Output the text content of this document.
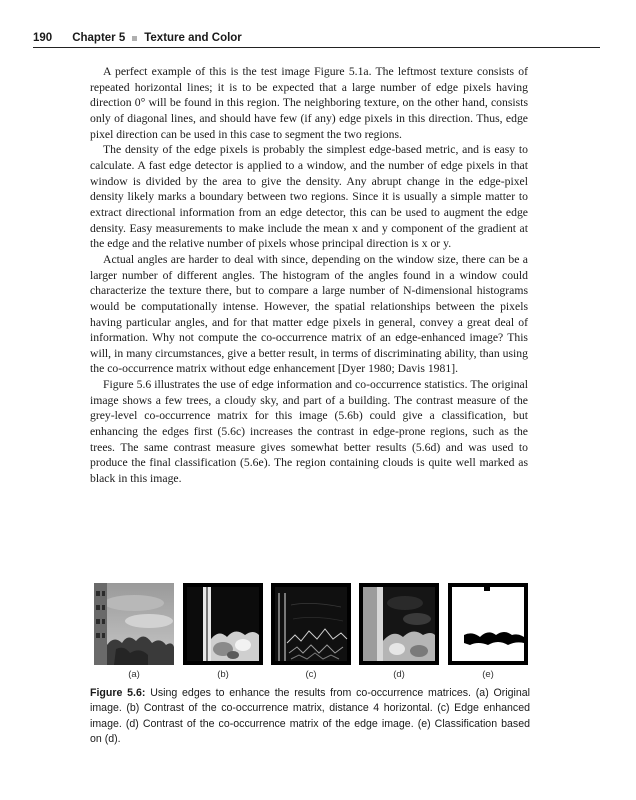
190 Chapter 5 Texture and Color

A perfect example of this is the test image Figure 5.1a. The leftmost texture consists of repeated horizontal lines; it is to be expected that a large number of edge pixels having direction 0° will be found in this region. The neighboring texture, on the other hand, consists only of diagonal lines, and should have few (if any) edge pixels in this direction. Thus, edge pixel direction can be used in this case to segment the two regions.

The density of the edge pixels is probably the simplest edge-based metric, and is easy to calculate. A fast edge detector is applied to a window, and the number of edge pixels in that window is divided by the area to give the density. Any abrupt change in the edge-pixel density likely marks a boundary between two regions. Since it is usually a simple matter to extract directional information from an edge detector, this can be used to augment the edge density. Easy measurements to make include the mean x and y component of the gradient at the edge and the relative number of pixels whose principal direction is x or y.

Actual angles are harder to deal with since, depending on the window size, there can be a larger number of different angles. The histogram of the angles found in a window could characterize the texture there, but to compare a large number of N-dimensional histograms would be computationally intense. However, the spatial relationships between the pixels having particular angles, and for that matter edge pixels in general, convey a great deal of information. Why not compute the co-occurrence matrix of an edge-enhanced image? This will, in many circumstances, give a better result, in terms of discriminating ability, than using the co-occurrence matrix without edge enhancement [Dyer 1980; Davis 1981].

Figure 5.6 illustrates the use of edge information and co-occurrence statistics. The original image shows a few trees, a cloudy sky, and part of a building. The contrast measure of the grey-level co-occurrence matrix for this image (5.6b) could give a classification, but enhancing the edges first (5.6c) increases the contrast in edge-prone regions, such as the trees. The same contrast measure gives somewhat better results (5.6d) and was used to produce the final classification (5.6e). The region containing clouds is quite well marked as black in this image.

(a)	(b)	(c)	(d)	(e)
Figure 5.6: Using edges to enhance the results from co-occurrence matrices. (a) Original image. (b) Contrast of the co-occurrence matrix, distance 4 horizontal. (c) Edge enhanced image. (d) Contrast of the co-occurrence matrix of the edge image. (e) Classification based on (d).
